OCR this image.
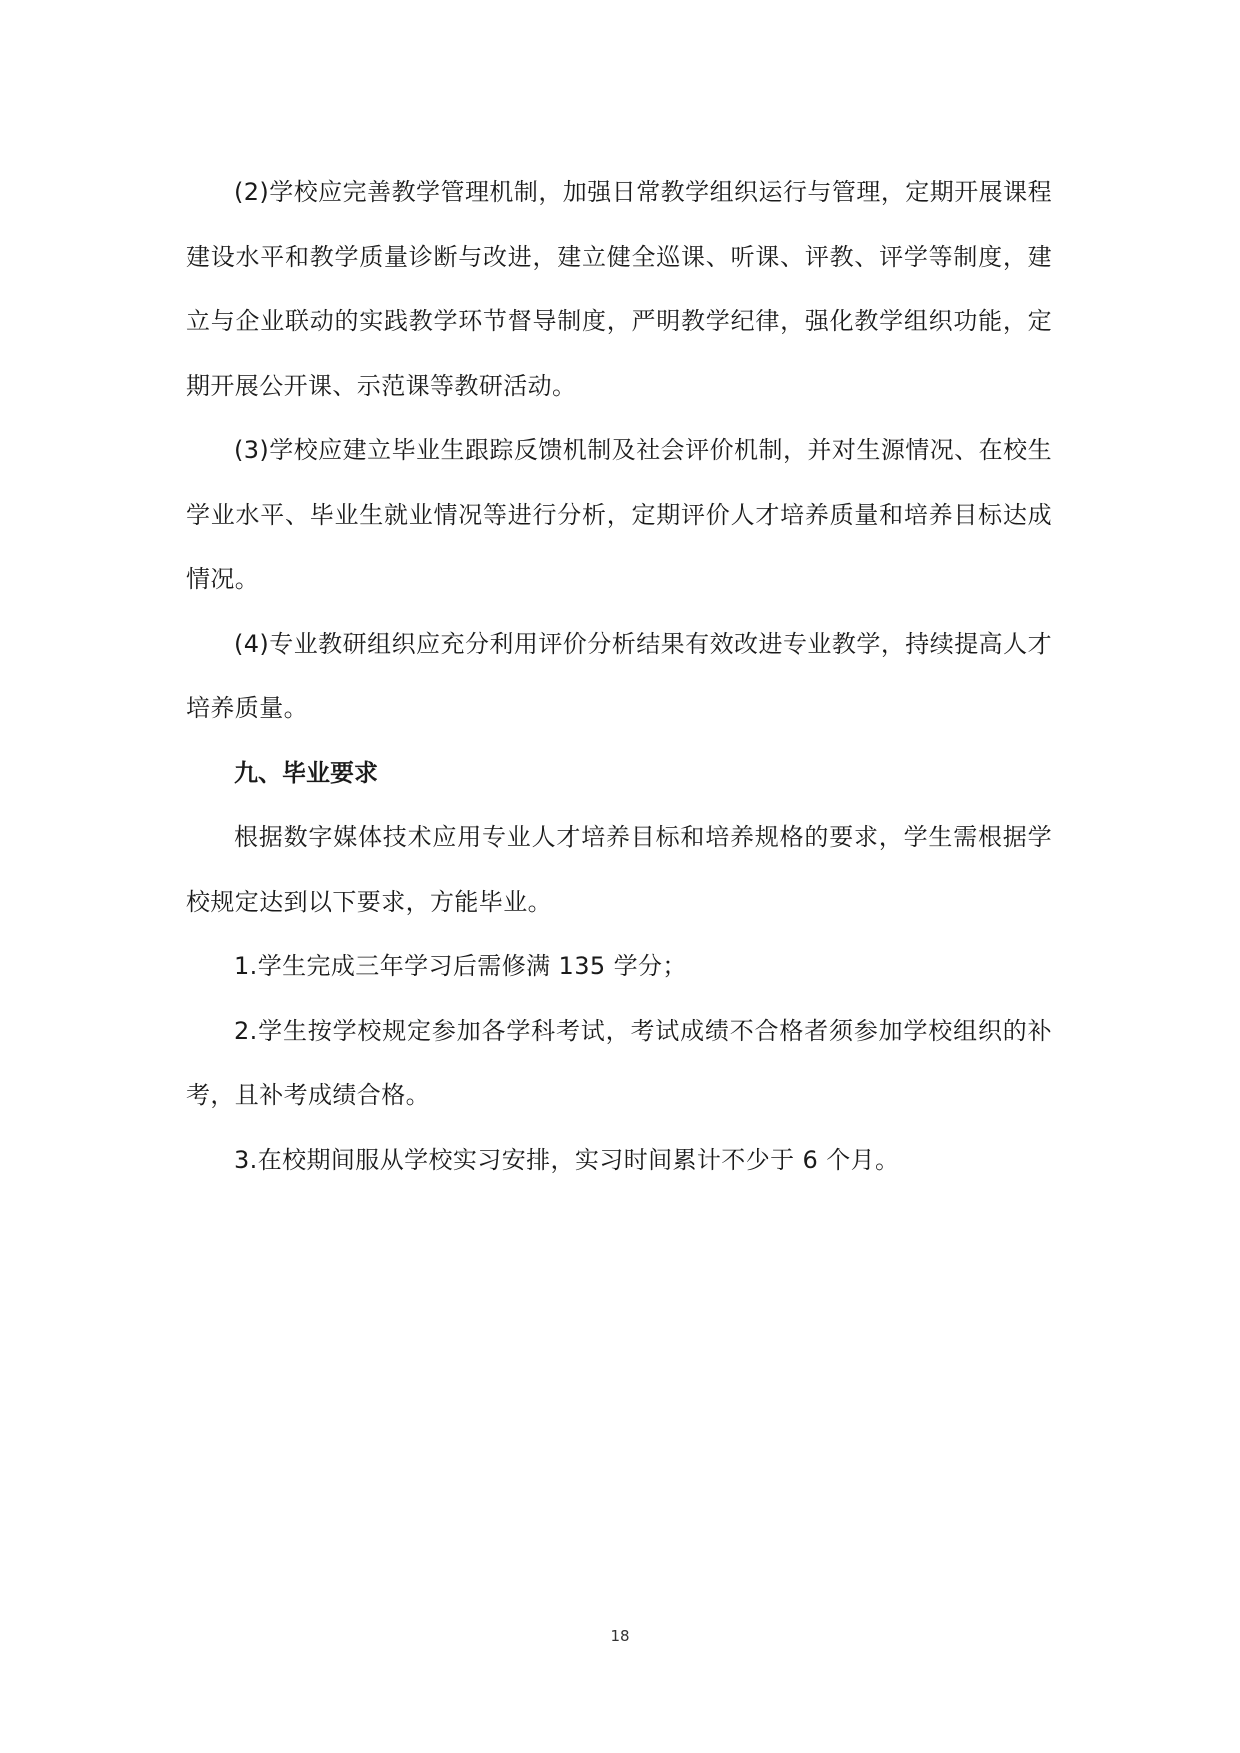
(2)学校应完善教学管理机制，加强日常教学组织运行与管理，定期开展课程建设水平和教学质量诊断与改进，建立健全巡课、听课、评教、评学等制度，建立与企业联动的实践教学环节督导制度，严明教学纪律，强化教学组织功能，定期开展公开课、示范课等教研活动。

(3)学校应建立毕业生跟踪反馈机制及社会评价机制，并对生源情况、在校生学业水平、毕业生就业情况等进行分析，定期评价人才培养质量和培养目标达成情况。

(4)专业教研组织应充分利用评价分析结果有效改进专业教学，持续提高人才培养质量。

九、毕业要求

根据数字媒体技术应用专业人才培养目标和培养规格的要求，学生需根据学校规定达到以下要求，方能毕业。

1.学生完成三年学习后需修满 135 学分；

2.学生按学校规定参加各学科考试，考试成绩不合格者须参加学校组织的补考，且补考成绩合格。

3.在校期间服从学校实习安排，实习时间累计不少于 6 个月。

18
